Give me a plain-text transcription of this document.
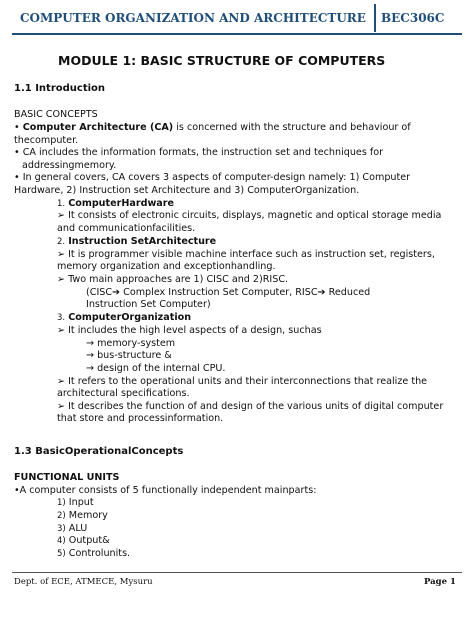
COMPUTER ORGANIZATION AND ARCHITECTURE BEC306C
MODULE 1: BASIC STRUCTURE OF COMPUTERS
1.1 Introduction
BASIC CONCEPTS
• Computer Architecture (CA) is concerned with the structure and behaviour of
thecomputer.
• CA includes the information formats, the instruction set and techniques for
addressingmemory.
• In general covers, CA covers 3 aspects of computer-design namely: 1) Computer
Hardware, 2) Instruction set Architecture and 3) ComputerOrganization.
1. ComputerHardware
➢ It consists of electronic circuits, displays, magnetic and optical storage media
and communicationfacilities.
2. Instruction SetArchitecture
➢ It is programmer visible machine interface such as instruction set, registers,
memory organization and exceptionhandling.
➢ Two main approaches are 1) CISC and 2)RISC.
(CISC➔ Complex Instruction Set Computer, RISC➔ Reduced
Instruction Set Computer)
3. ComputerOrganization
➢ It includes the high level aspects of a design, suchas
→ memory-system
→ bus-structure &
→ design of the internal CPU.
➢ It refers to the operational units and their interconnections that realize the
architectural specifications.
➢ It describes the function of and design of the various units of digital computer
that store and processinformation.
1.3 BasicOperationalConcepts
FUNCTIONAL UNITS
•A computer consists of 5 functionally independent mainparts:
1) Input
2) Memory
3) ALU
4) Output&
5) Controlunits.
Dept. of ECE, ATMECE, Mysuru	Page 1
